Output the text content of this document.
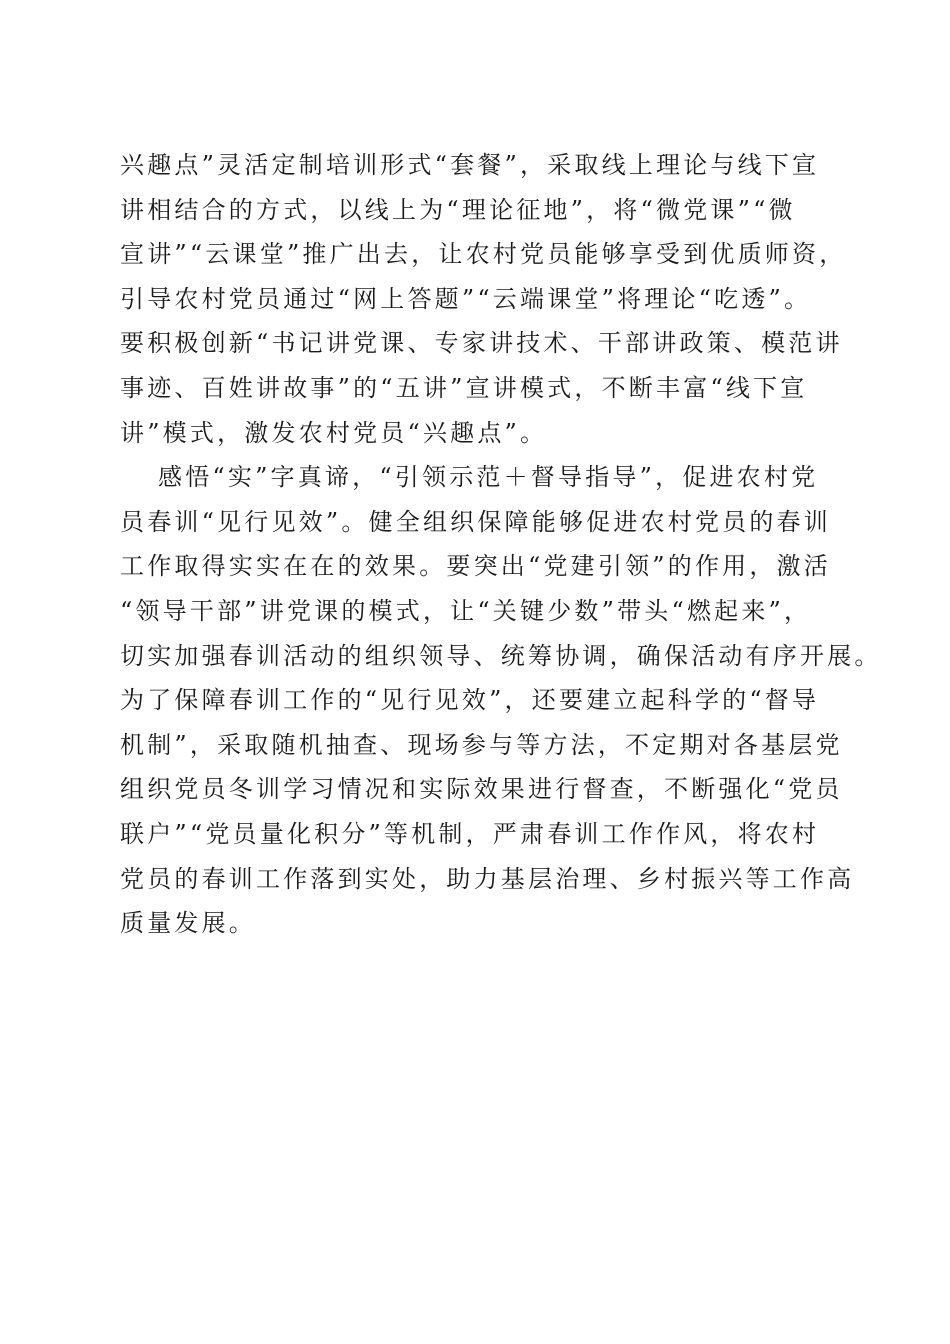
兴趣点”灵活定制培训形式“套餐”，采取线上理论与线下宣
讲相结合的方式，以线上为“理论征地”，将“微党课”“微
宣讲”“云课堂”推广出去，让农村党员能够享受到优质师资，
引导农村党员通过“网上答题”“云端课堂”将理论“吃透”。
要积极创新“书记讲党课、专家讲技术、干部讲政策、模范讲
事迹、百姓讲故事”的“五讲”宣讲模式，不断丰富“线下宣
讲”模式，激发农村党员“兴趣点”。
感悟“实”字真谛，“引领示范＋督导指导”，促进农村党
员春训“见行见效”。健全组织保障能够促进农村党员的春训
工作取得实实在在的效果。要突出“党建引领”的作用，激活
“领导干部”讲党课的模式，让“关键少数”带头“燃起来”，
切实加强春训活动的组织领导、统筹协调，确保活动有序开展。
为了保障春训工作的“见行见效”，还要建立起科学的“督导
机制”，采取随机抽查、现场参与等方法，不定期对各基层党
组织党员冬训学习情况和实际效果进行督查，不断强化“党员
联户”“党员量化积分”等机制，严肃春训工作作风，将农村
党员的春训工作落到实处，助力基层治理、乡村振兴等工作高
质量发展。
